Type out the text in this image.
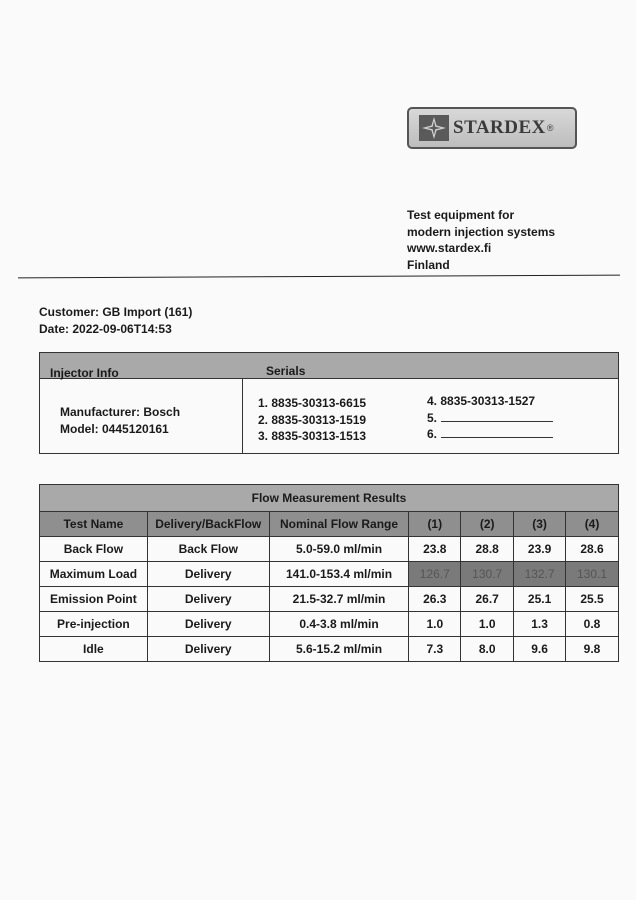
STARDEX ®
Test equipment for
modern injection systems
www.stardex.fi
Finland
Customer: GB Import (161)
Date: 2022-09-06T14:53
Injector Info	Serials
Manufacturer: Bosch
Model: 0445120161
1. 8835-30313-6615
2. 8835-30313-1519
3. 8835-30313-1513
4. 8835-30313-1527
5.
6.
Flow Measurement Results						
Test Name	Delivery/BackFlow	Nominal Flow Range	(1)	(2)	(3)	(4)
Back Flow	Back Flow	5.0-59.0 ml/min	23.8	28.8	23.9	28.6
Maximum Load	Delivery	141.0-153.4 ml/min	126.7	130.7	132.7	130.1
Emission Point	Delivery	21.5-32.7 ml/min	26.3	26.7	25.1	25.5
Pre-injection	Delivery	0.4-3.8 ml/min	1.0	1.0	1.3	0.8
Idle	Delivery	5.6-15.2 ml/min	7.3	8.0	9.6	9.8
